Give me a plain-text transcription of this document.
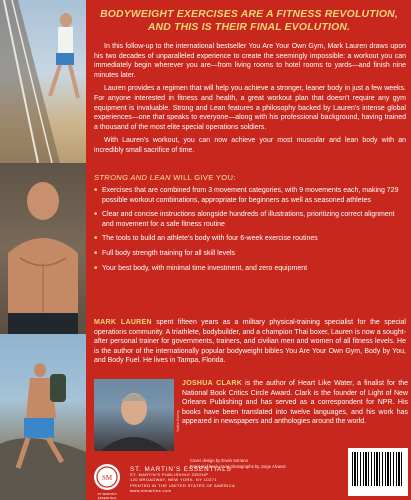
BODYWEIGHT EXERCISES ARE A FITNESS REVOLUTION,
AND THIS IS THEIR FINAL EVOLUTION.

In this follow-up to the international bestseller You Are Your Own Gym, Mark Lauren draws upon his two decades of unparalleled experience to create the seemingly impossible: a workout you can immediately begin wherever you are—from living rooms to hotel rooms to yards—and finish nine minutes later.

Lauren provides a regimen that will help you achieve a stronger, leaner body in just a few weeks. For anyone interested in fitness and health, a great workout plan that doesn't require any gym equipment is invaluable. Strong and Lean features a philosophy backed by Lauren's intense global experiences—one that speaks to everyone—along with his professional background, having trained a thousand of the most elite special operations soldiers.

With Lauren's workout, you can now achieve your most muscular and lean body with an incredibly small sacrifice of time.

STRONG AND LEAN WILL GIVE YOU:
■ Exercises that are combined from 3 movement categories, with 9 movements each, making 729 possible workout combinations, appropriate for beginners as well as seasoned athletes
■ Clear and concise instructions alongside hundreds of illustrations, prioritizing correct alignment and movement for a safe fitness routine
■ The tools to build an athlete's body with four 6-week exercise routines
■ Full body strength training for all skill levels
■ Your best body, with minimal time investment, and zero equipment
MARK LAUREN spent fifteen years as a military physical-training specialist for the special operations community. A triathlete, bodybuilder, and a champion Thai boxer, Lauren is now a sought-after personal trainer for governments, trainers, and civilian men and women of all fitness levels. He is the author of the internationally popular bodyweight bibles You Are Your Own Gym, Body by You, and Body Fuel. He lives in Tampa, Florida.
Yadira Conroy
JOSHUA CLARK is the author of Heart Like Water, a finalist for the National Book Critics Circle Award. Clark is the founder of Light of New Orleans Publishing and has served as a correspondent for NPR. His books have been translated into twelve languages, and his work has appeared in newspapers and anthologies around the world.
Cover design by Erwin Serrano
Front and back cover photographs by Jorge Alvarez
SM
ST. MARTIN'S ESSENTIALS
ST. MARTIN'S ESSENTIALS
ST. MARTIN'S PUBLISHING GROUP
120 BROADWAY, NEW YORK, NY 10271
PRINTED IN THE UNITED STATES OF AMERICA
www.stmartins.com
